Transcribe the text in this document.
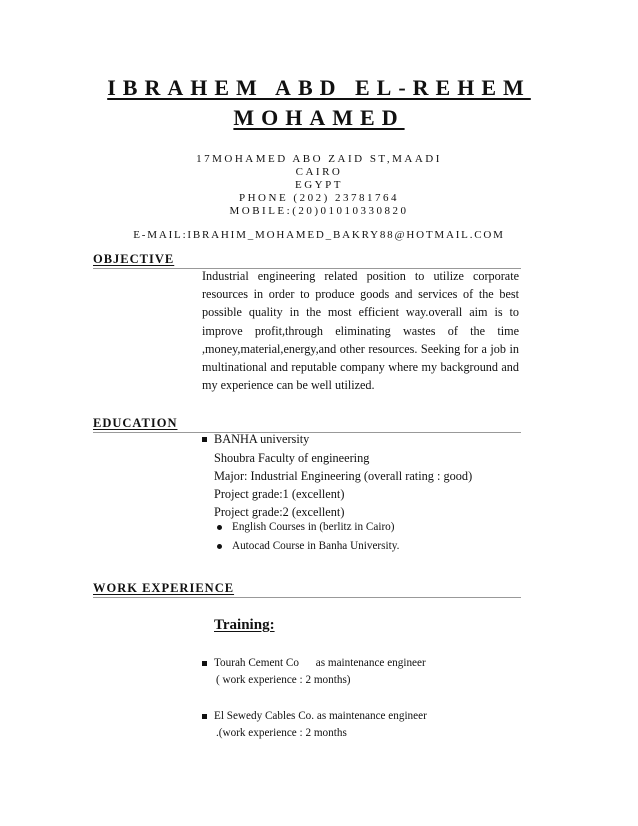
IBRAHEM ABD EL-REHEM
MOHAMED
17MOHAMED ABO ZAID ST,MAADI
CAIRO
EGYPT
PHONE (202) 23781764
MOBILE:(20)01010330820
E-MAIL:IBRAHIM_MOHAMED_BAKRY88@HOTMAIL.COM
OBJECTIVE
Industrial engineering related position to utilize corporate resources in order to produce goods and services of the best possible quality in the most efficient way.overall aim is to improve profit,through eliminating wastes of the time ,money,material,energy,and other resources. Seeking for a job in multinational and reputable company where my background and my experience can be well utilized.
EDUCATION
BANHA university
Shoubra Faculty of engineering
Major: Industrial Engineering (overall rating : good)
Project grade:1 (excellent)
Project grade:2 (excellent)
English Courses in (berlitz in Cairo)
Autocad Course in Banha University.
WORK EXPERIENCE
Training:
Tourah Cement Co      as maintenance engineer
( work experience : 2 months)
El Sewedy Cables Co. as maintenance engineer
.(work experience : 2 months
